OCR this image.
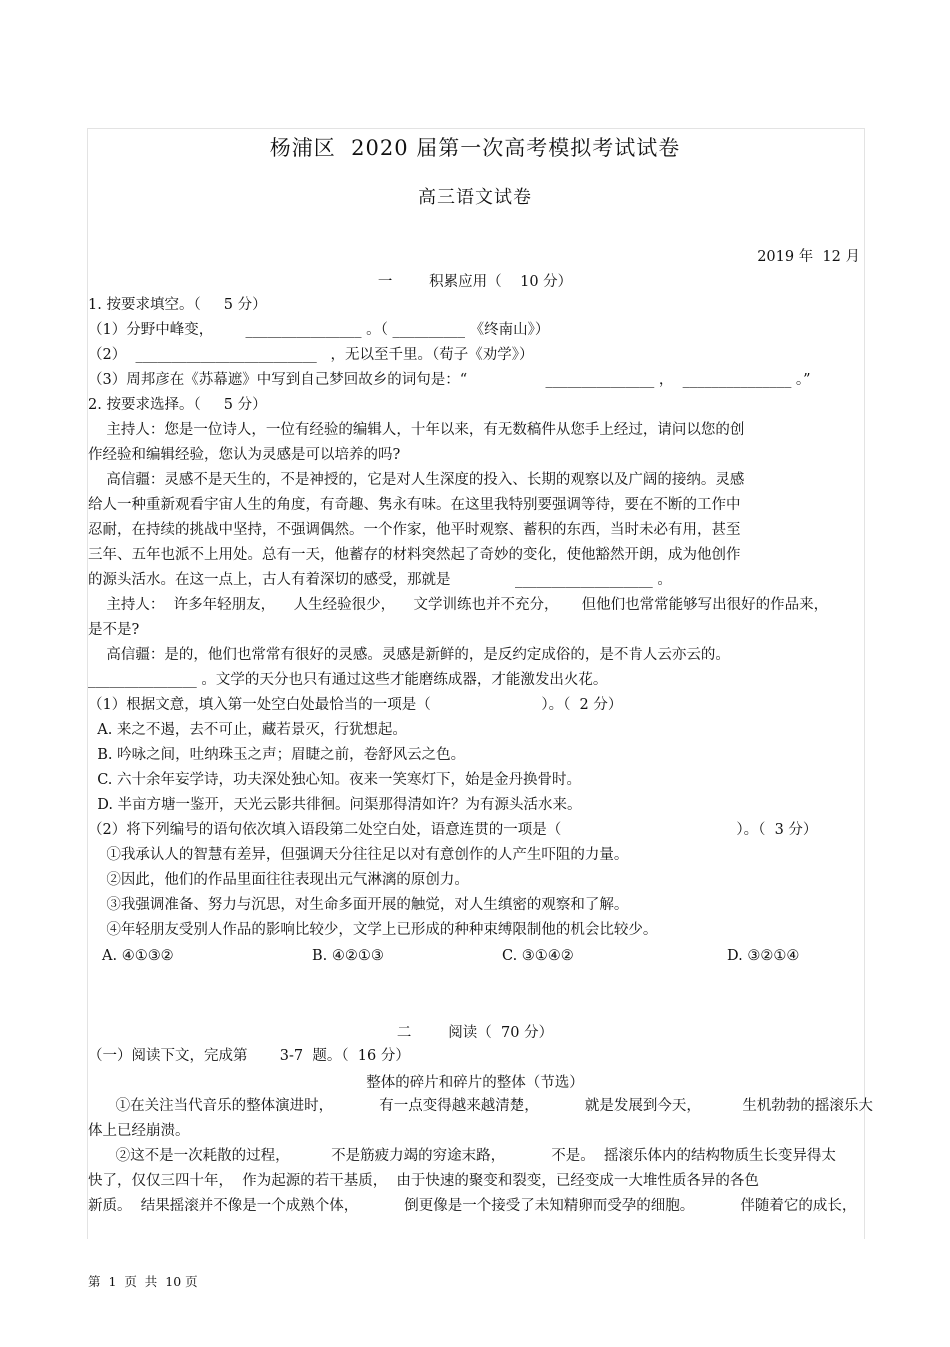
杨浦区  2020 届第一次高考模拟考试试卷
高三语文试卷
2019 年  12 月
一        积累应用（    10 分）
1. 按要求填空。（     5 分）
（1）分野中峰变，       ________________ 。（ __________ 《终南山》）
（2）  _________________________   ，无以至千里。（荀子《劝学》）
（3）周邦彦在《苏幕遮》中写到自己梦回故乡的词句是：“                 _______________ ，  _______________ 。”
2. 按要求选择。（     5 分）
主持人：您是一位诗人，一位有经验的编辑人，十年以来，有无数稿件从您手上经过，请问以您的创
作经验和编辑经验，您认为灵感是可以培养的吗?
高信疆：灵感不是天生的，不是神授的，它是对人生深度的投入、长期的观察以及广阔的接纳。灵感
给人一种重新观看宇宙人生的角度，有奇趣、隽永有味。在这里我特别要强调等待，要在不断的工作中
忍耐，在持续的挑战中坚持，不强调偶然。一个作家，他平时观察、蓄积的东西，当时未必有用，甚至
三年、五年也派不上用处。总有一天，他蓄存的材料突然起了奇妙的变化，使他豁然开朗，成为他创作
的源头活水。在这一点上，古人有着深切的感受，那就是              ___________________ 。
主持人：  许多年轻朋友，    人生经验很少，    文学训练也并不充分，     但他们也常常能够写出很好的作品来，
是不是?
高信疆：是的，他们也常常有很好的灵感。灵感是新鲜的，是反约定成俗的，是不肯人云亦云的。
_______________ 。文学的天分也只有通过这些才能磨练成器，才能激发出火花。
（1）根据文意，填入第一处空白处最恰当的一项是（                        ）。（  2 分）
A. 来之不遏，去不可止，藏若景灭，行犹想起。
B. 吟咏之间，吐纳珠玉之声；眉睫之前，卷舒风云之色。
C. 六十余年妄学诗，功夫深处独心知。夜来一笑寒灯下，始是金丹换骨时。
D. 半亩方塘一鉴开，天光云影共徘徊。问渠那得清如许？为有源头活水来。
（2）将下列编号的语句依次填入语段第二处空白处，语意连贯的一项是（                                      ）。（  3 分）
①我承认人的智慧有差异，但强调天分往往足以对有意创作的人产生吓阻的力量。
②因此，他们的作品里面往往表现出元气淋漓的原创力。
③我强调准备、努力与沉思，对生命多面开展的触觉，对人生缜密的观察和了解。
④年轻朋友受别人作品的影响比较少，文学上已形成的种种束缚限制他的机会比较少。
A. ④①③②	B. ④②①③	C. ③①④②	D. ③②①④
二        阅读（  70 分）
（一）阅读下文，完成第       3-7  题。（  16 分）
整体的碎片和碎片的整体（节选）
①在关注当代音乐的整体演进时，          有一点变得越来越清楚，          就是发展到今天，         生机勃勃的摇滚乐大
体上已经崩溃。
②这不是一次耗散的过程，         不是筋疲力竭的穷途末路，          不是。  摇滚乐体内的结构物质生长变异得太
快了，仅仅三四十年，  作为起源的若干基质，  由于快速的聚变和裂变，已经变成一大堆性质各异的各色
新质。  结果摇滚并不像是一个成熟个体，          倒更像是一个接受了未知精卵而受孕的细胞。          伴随着它的成长，
第  1  页  共  10 页
